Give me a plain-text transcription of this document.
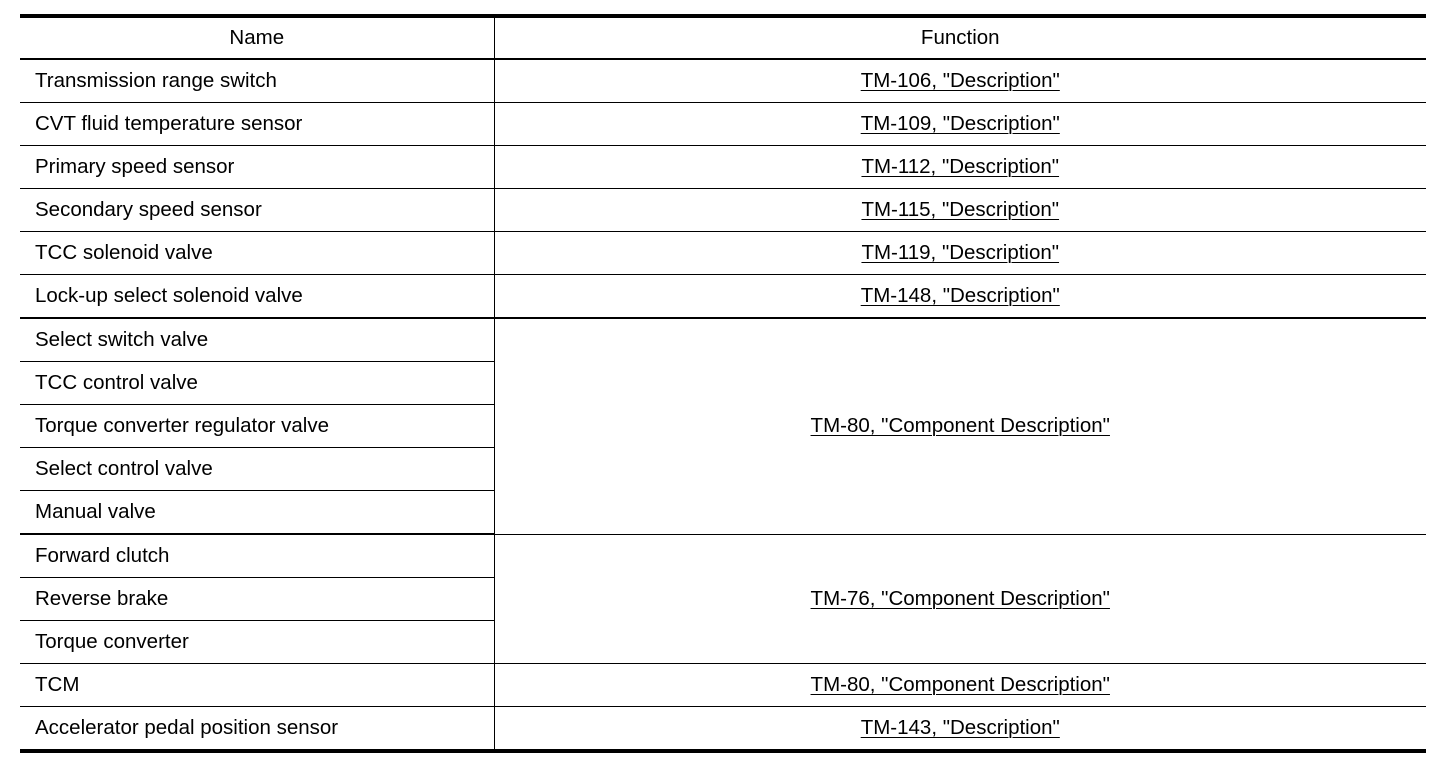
Name	Function
Transmission range switch	TM-106, "Description"
CVT fluid temperature sensor	TM-109, "Description"
Primary speed sensor	TM-112, "Description"
Secondary speed sensor	TM-115, "Description"
TCC solenoid valve	TM-119, "Description"
Lock-up select solenoid valve	TM-148, "Description"
Select switch valve	TM-80, "Component Description"
TCC control valve	
Torque converter regulator valve	
Select control valve	
Manual valve	
Forward clutch	TM-76, "Component Description"
Reverse brake	
Torque converter	
TCM	TM-80, "Component Description"
Accelerator pedal position sensor	TM-143, "Description"
